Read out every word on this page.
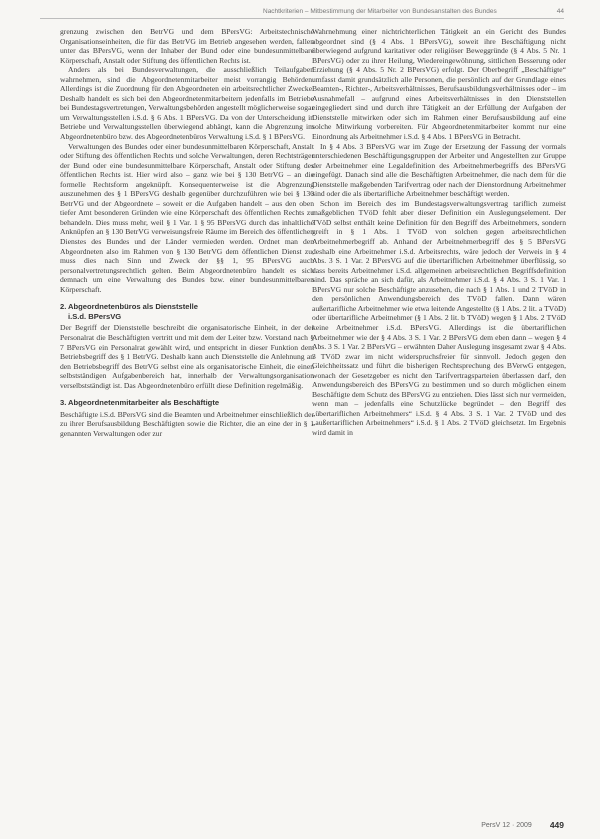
Nachtkriterien – Mitbestimmung der Mitarbeiter von Bundesanstalten des Bundes	44

grenzung zwischen den BetrVG und dem BPersVG: Arbeitstechnische Organisationseinheiten, die für das BetrVG im Betrieb angesehen werden, fallen unter das BPersVG, wenn der Inhaber der Bund oder eine bundesunmittelbare Körperschaft, Anstalt oder Stiftung des öffentlichen Rechts ist.

Anders als bei Bundesverwaltungen, die ausschließlich Teilaufgaben wahrnehmen, sind die Abgeordnetenmitarbeiter meist vorrangig Behörden. Allerdings ist die Zuordnung für den Abgeordneten ein arbeitsrechtlicher Zwecke. Deshalb handelt es sich bei den Abgeordnetenmitarbeitern jedenfalls im Betriebe bei Bundestagsvertretungen, Verwaltungsbehörden angestellt möglicherweise sogar um Verwaltungsstellen i.S.d. § 6 Abs. 1 BPersVG. Da von der Unterscheidung in Betriebe und Verwaltungsstellen überwiegend abhängt, kann die Abgrenzung im Abgeordnetenbüro bzw. des Abgeordnetenbüros Verwaltung i.S.d. § 1 BPersVG.

Verwaltungen des Bundes oder einer bundesunmittelbaren Körperschaft, Anstalt oder Stiftung des öffentlichen Rechts und solche Verwaltungen, deren Rechtsträger der Bund oder eine bundesunmittelbare Körperschaft, Anstalt oder Stiftung des öffentlichen Rechts ist. Hier wird also – ganz wie bei § 130 BetrVG – an die formelle Rechtsform angeknüpft. Konsequenterweise ist die Abgrenzung auszunehmen des § 1 BPersVG deshalb gegenüber durchzuführen wie bei § 130 BetrVG und der Abgeordnete – soweit er die Aufgaben handelt – aus den oben tiefer Amt besonderen Gründen wie eine Körperschaft des öffentlichen Rechts zu behandeln. Dies muss mehr, weil § 1 Var. 1 § 95 BPersVG durch das inhaltliche Anknüpfen an § 130 BetrVG verweisungsfreie Räume im Bereich des öffentlichen Dienstes des Bundes und der Länder vermieden werden. Ordnet man den Abgeordneten also im Rahmen von § 130 BetrVG dem öffentlichen Dienst zu, muss dies nach Sinn und Zweck der §§ 1, 95 BPersVG auch personalvertretungsrechtlich gelten. Beim Abgeordnetenbüro handelt es sich demnach um eine Verwaltung des Bundes bzw. einer bundesunmittelbaren Körperschaft.

2. Abgeordnetenbüros als Dienststelle
i.S.d. BPersVG

Der Begriff der Dienststelle beschreibt die organisatorische Einheit, in der der Personalrat die Beschäftigten vertritt und mit dem der Leiter bzw. Vorstand nach § 7 BPersVG ein Personalrat gewählt wird, und entspricht in dieser Funktion dem Betriebsbegriff des § 1 BetrVG. Deshalb kann auch Dienststelle die Anlehnung an den Betriebsbegriff des BetrVG selbst eine als organisatorische Einheit, die einen selbstständigen Aufgabenbereich hat, innerhalb der Verwaltungsorganisation verselbstständigt ist. Das Abgeordnetenbüro erfüllt diese Definition regelmäßig.

3. Abgeordnetenmitarbeiter als Beschäftigte

Beschäftigte i.S.d. BPersVG sind die Beamten und Arbeitnehmer einschließlich der zu ihrer Berufsausbildung Beschäftigten sowie die Richter, die an eine der in § 1 genannten Verwaltungen oder zur

Wahrnehmung einer nichtrichterlichen Tätigkeit an ein Gericht des Bundes abgeordnet sind (§ 4 Abs. 1 BPersVG), soweit ihre Beschäftigung nicht überwiegend aufgrund karitativer oder religiöser Beweggründe (§ 4 Abs. 5 Nr. 1 BPersVG) oder zu ihrer Heilung, Wiedereingewöhnung, sittlichen Besserung oder Erziehung (§ 4 Abs. 5 Nr. 2 BPersVG) erfolgt. Der Oberbegriff „Beschäftigte“ umfasst damit grundsätzlich alle Personen, die persönlich auf der Grundlage eines Beamten-, Richter-, Arbeitsverhältnisses, Berufsausbildungsverhältnisses oder – im Ausnahmefall – aufgrund eines Arbeitsverhältnisses in den Dienststellen eingegliedert sind und durch ihre Tätigkeit an der Erfüllung der Aufgaben der Dienststelle mitwirken oder sich im Rahmen einer Berufsausbildung auf eine solche Mitwirkung vorbereiten. Für Abgeordnetenmitarbeiter kommt nur eine Einordnung als Arbeitnehmer i.S.d. § 4 Abs. 1 BPersVG in Betracht.

In § 4 Abs. 3 BPersVG war im Zuge der Ersetzung der Fassung der vormals unterschiedenen Beschäftigungsgruppen der Arbeiter und Angestellten zur Gruppe der Arbeitnehmer eine Legaldefinition des Arbeitnehmerbegriffs des BPersVG eingefügt. Danach sind alle die Beschäftigten Arbeitnehmer, die nach dem für die Dienststelle maßgebenden Tarifvertrag oder nach der Dienstordnung Arbeitnehmer sind oder die als übertarifliche Arbeitnehmer beschäftigt werden.

Schon im Bereich des im Bundestagsverwaltungsvertrag tariflich zumeist maßgeblichen TVöD fehlt aber dieser Definition ein Auslegungselement. Der TVöD selbst enthält keine Definition für den Begriff des Arbeitnehmers, sondern greift in § 1 Abs. 1 TVöD von solchen gegen arbeitsrechtlichen Arbeitnehmerbegriff ab. Anhand der Arbeitnehmerbegriff des § 5 BPersVG deshalb eine Arbeitnehmer i.S.d. Arbeitsrechts, wäre jedoch der Verweis in § 4 Abs. 3 S. 1 Var. 2 BPersVG auf die übertariflichen Arbeitnehmer überflüssig, so dass bereits Arbeitnehmer i.S.d. allgemeinen arbeitsrechtlichen Begriffsdefinition sind. Das spräche an sich dafür, als Arbeitnehmer i.S.d. § 4 Abs. 3 S. 1 Var. 1 BPersVG nur solche Beschäftigte anzusehen, die nach § 1 Abs. 1 und 2 TVöD in den persönlichen Anwendungsbereich des TVöD fallen. Dann wären außertarifliche Arbeitnehmer wie etwa leitende Angestellte (§ 1 Abs. 2 lit. a TVöD) oder übertarifliche Arbeitnehmer (§ 1 Abs. 2 lit. b TVöD) wegen § 1 Abs. 2 TVöD keine Arbeitnehmer i.S.d. BPersVG. Allerdings ist die übertariflichen Arbeitnehmer wie der § 4 Abs. 3 S. 1 Var. 2 BPersVG dem eben dann – wegen § 4 Abs. 3 S. 1 Var. 2 BPersVG – erwähnten Daher Auslegung insgesamt zwar § 4 Abs. 3 TVöD zwar im nicht widerspruchsfreier für sinnvoll. Jedoch gegen den Gleichheitssatz und führt die bisherigen Rechtsprechung des BVerwG entgegen, wonach der Gesetzgeber es nicht den Tarifvertragsparteien überlassen darf, den Anwendungsbereich des BPersVG zu bestimmen und so durch möglichen einem Beschäftigte dem Schutz des BPersVG zu entziehen. Dies lässt sich nur vermeiden, wenn man – jedenfalls eine Schutzlücke begründet – den Begriff des „übertariflichen Arbeitnehmers“ i.S.d. § 4 Abs. 3 S. 1 Var. 2 TVöD und des „außertariflichen Arbeitnehmers“ i.S.d. § 1 Abs. 2 TVöD gleichsetzt. Im Ergebnis wird damit in

PersV 12 · 2009 449
